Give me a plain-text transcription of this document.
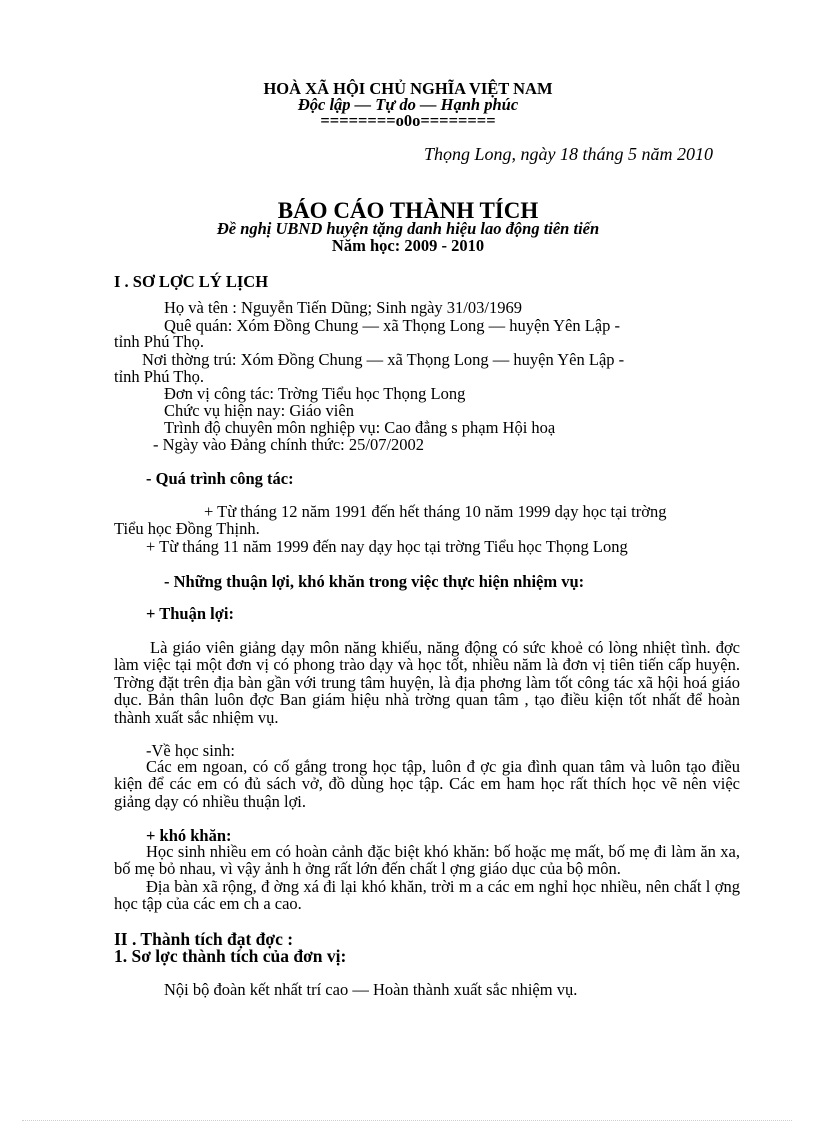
HOÀ XÃ HỘI CHỦ NGHĨA VIỆT NAM
Độc lập — Tự do — Hạnh phúc
========o0o========
Thọng Long, ngày 18 tháng 5 năm 2010
BÁO CÁO THÀNH TÍCH
Đề nghị UBND huyện tặng danh hiệu lao động tiên tiến
Năm học: 2009 - 2010
I . SƠ LỢC LÝ LỊCH
Họ và tên : Nguyễn Tiến Dũng; Sinh ngày 31/03/1969
Quê quán: Xóm Đồng Chung — xã Thọng Long — huyện Yên Lập -
tỉnh Phú Thọ.
Nơi thờng trú: Xóm Đồng Chung — xã Thọng Long — huyện Yên Lập -
tỉnh Phú Thọ.
Đơn vị công tác: Trờng Tiểu học Thọng Long
Chức vụ hiện nay: Giáo viên
Trình độ chuyên môn nghiệp vụ: Cao đẳng s phạm Hội hoạ
- Ngày vào Đảng chính thức: 25/07/2002
- Quá trình công tác:
+ Từ tháng 12 năm 1991 đến hết tháng 10 năm 1999 dạy học tại trờng
Tiểu học Đồng Thịnh.
+ Từ tháng 11 năm 1999 đến nay dạy học tại trờng Tiểu học Thọng Long
- Những thuận lợi, khó khăn trong việc thực hiện nhiệm vụ:
+ Thuận lợi:
Là giáo viên giảng dạy môn năng khiếu, năng động có sức khoẻ có lòng nhiệt tình. đợc làm việc tại một đơn vị có phong trào dạy và học tốt, nhiều năm là đơn vị tiên tiến cấp huyện. Trờng đặt trên địa bàn gần với trung tâm huyện, là địa phơng làm tốt công tác xã hội hoá giáo dục. Bản thân luôn đợc Ban giám hiệu nhà trờng quan tâm , tạo điều kiện tốt nhất để hoàn thành xuất sắc nhiệm vụ.
-Về học sinh:
Các em ngoan, có cố gắng trong học tập, luôn đ ợc gia đình quan tâm và luôn tạo điều kiện để các em có đủ sách vở, đồ dùng học tập. Các em ham học rất thích học vẽ nên việc giảng dạy có nhiều thuận lợi.
+ khó khăn:
Học sinh nhiều em có hoàn cảnh đặc biệt khó khăn: bố hoặc mẹ mất, bố mẹ đi làm ăn xa, bố mẹ bỏ nhau, vì vậy ảnh h ởng rất lớn đến chất l ợng giáo dục của bộ môn.
Địa bàn xã rộng, đ ờng xá đi lại khó khăn, trời m a các em nghỉ học nhiều, nên chất l ợng học tập của các em ch a cao.
II . Thành tích đạt đợc :
1. Sơ lợc thành tích của đơn vị:
Nội bộ đoàn kết nhất trí cao — Hoàn thành xuất sắc nhiệm vụ.
